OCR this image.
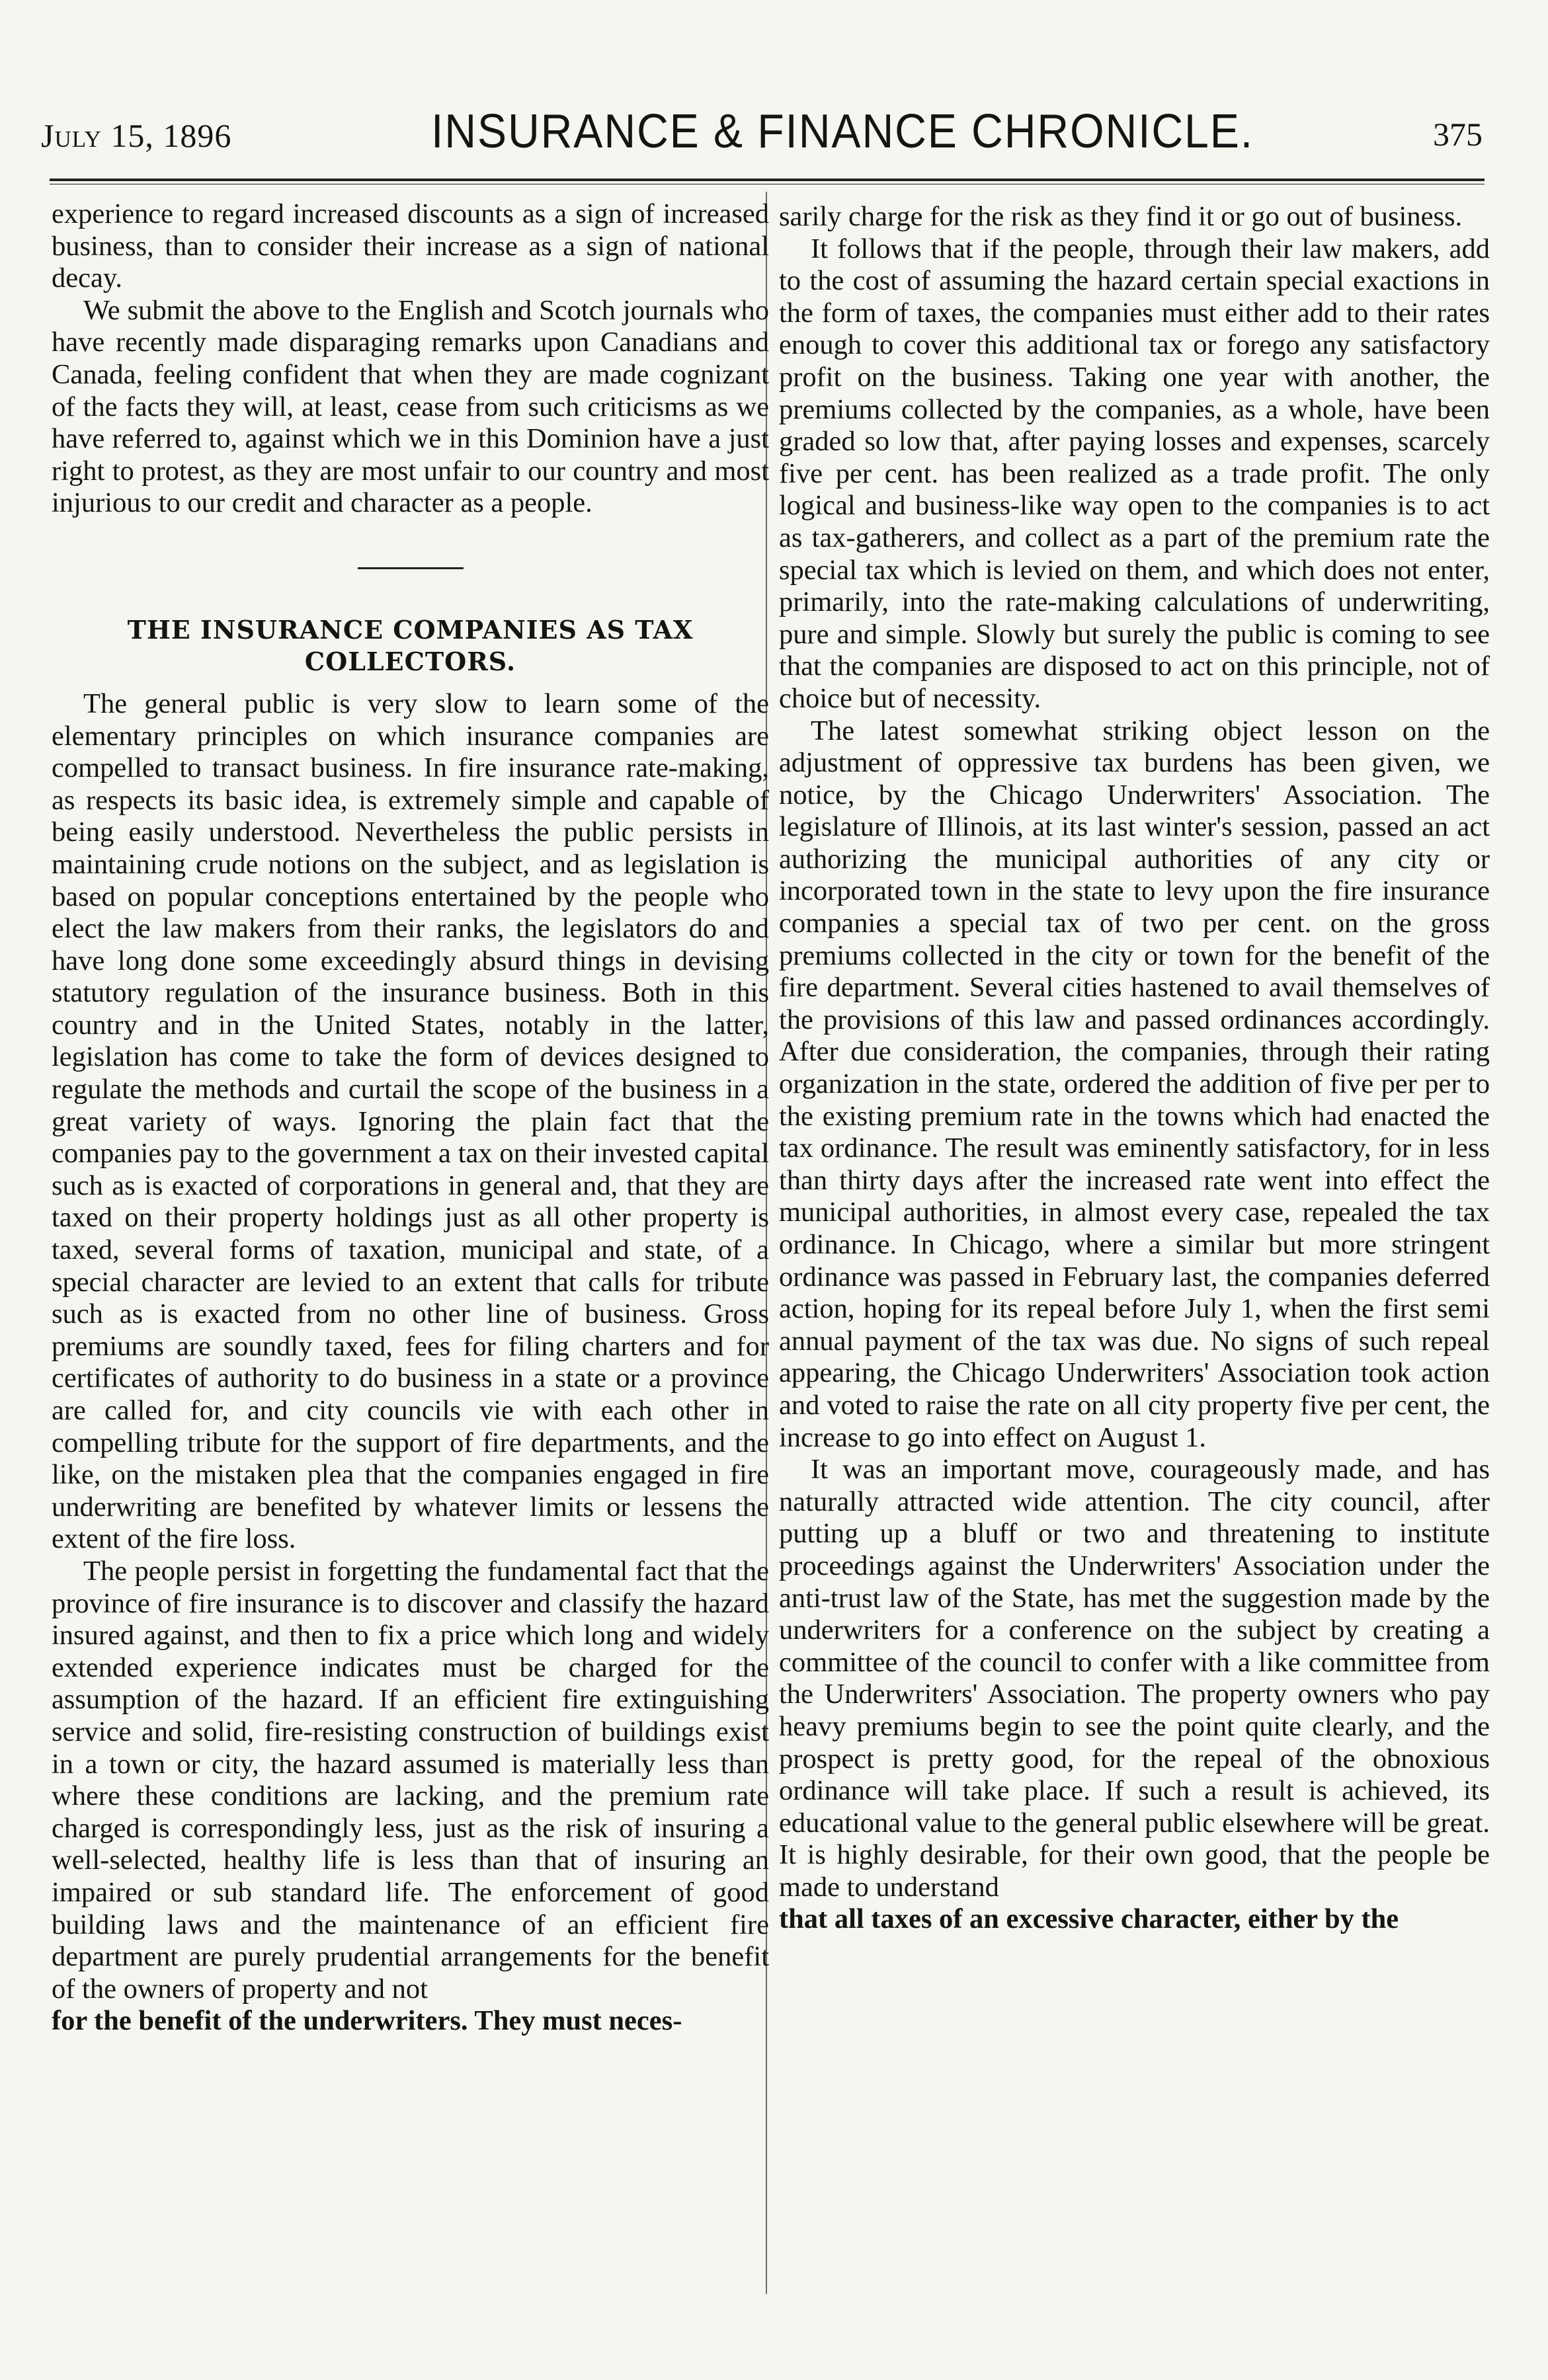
July 15, 1896	INSURANCE & FINANCE CHRONICLE.	375

experience to regard increased discounts as a sign of increased business, than to consider their increase as a sign of national decay.

We submit the above to the English and Scotch journals who have recently made disparaging remarks upon Canadians and Canada, feeling confident that when they are made cognizant of the facts they will, at least, cease from such criticisms as we have referred to, against which we in this Dominion have a just right to protest, as they are most unfair to our country and most injurious to our credit and character as a people.

THE INSURANCE COMPANIES AS TAX COLLECTORS.

The general public is very slow to learn some of the elementary principles on which insurance companies are compelled to transact business. In fire insurance rate-making, as respects its basic idea, is extremely simple and capable of being easily understood. Nevertheless the public persists in maintaining crude notions on the subject, and as legislation is based on popular conceptions entertained by the people who elect the law makers from their ranks, the legislators do and have long done some exceedingly absurd things in devising statutory regulation of the insurance business. Both in this country and in the United States, notably in the latter, legislation has come to take the form of devices designed to regulate the methods and curtail the scope of the business in a great variety of ways. Ignoring the plain fact that the companies pay to the government a tax on their invested capital such as is exacted of corporations in general and, that they are taxed on their property holdings just as all other property is taxed, several forms of taxation, municipal and state, of a special character are levied to an extent that calls for tribute such as is exacted from no other line of business. Gross premiums are soundly taxed, fees for filing charters and for certificates of authority to do business in a state or a province are called for, and city councils vie with each other in compelling tribute for the support of fire departments, and the like, on the mistaken plea that the companies engaged in fire underwriting are benefited by whatever limits or lessens the extent of the fire loss.

The people persist in forgetting the fundamental fact that the province of fire insurance is to discover and classify the hazard insured against, and then to fix a price which long and widely extended experience indicates must be charged for the assumption of the hazard. If an efficient fire extinguishing service and solid, fire-resisting construction of buildings exist in a town or city, the hazard assumed is materially less than where these conditions are lacking, and the premium rate charged is correspondingly less, just as the risk of insuring a well-selected, healthy life is less than that of insuring an impaired or sub standard life. The enforcement of good building laws and the maintenance of an efficient fire department are purely prudential arrangements for the benefit of the owners of property and not

for the benefit of the underwriters. They must neces-

sarily charge for the risk as they find it or go out of business.

It follows that if the people, through their law makers, add to the cost of assuming the hazard certain special exactions in the form of taxes, the companies must either add to their rates enough to cover this additional tax or forego any satisfactory profit on the business. Taking one year with another, the premiums collected by the companies, as a whole, have been graded so low that, after paying losses and expenses, scarcely five per cent. has been realized as a trade profit. The only logical and business-like way open to the companies is to act as tax-gatherers, and collect as a part of the premium rate the special tax which is levied on them, and which does not enter, primarily, into the rate-making calculations of underwriting, pure and simple. Slowly but surely the public is coming to see that the companies are disposed to act on this principle, not of choice but of necessity.

The latest somewhat striking object lesson on the adjustment of oppressive tax burdens has been given, we notice, by the Chicago Underwriters' Association. The legislature of Illinois, at its last winter's session, passed an act authorizing the municipal authorities of any city or incorporated town in the state to levy upon the fire insurance companies a special tax of two per cent. on the gross premiums collected in the city or town for the benefit of the fire department. Several cities hastened to avail themselves of the provisions of this law and passed ordinances accordingly. After due consideration, the companies, through their rating organization in the state, ordered the addition of five per per to the existing premium rate in the towns which had enacted the tax ordinance. The result was eminently satisfactory, for in less than thirty days after the increased rate went into effect the municipal authorities, in almost every case, repealed the tax ordinance. In Chicago, where a similar but more stringent ordinance was passed in February last, the companies deferred action, hoping for its repeal before July 1, when the first semi annual payment of the tax was due. No signs of such repeal appearing, the Chicago Underwriters' Association took action and voted to raise the rate on all city property five per cent, the increase to go into effect on August 1.

It was an important move, courageously made, and has naturally attracted wide attention. The city council, after putting up a bluff or two and threatening to institute proceedings against the Underwriters' Association under the anti-trust law of the State, has met the suggestion made by the underwriters for a conference on the subject by creating a committee of the council to confer with a like committee from the Underwriters' Association. The property owners who pay heavy premiums begin to see the point quite clearly, and the prospect is pretty good, for the repeal of the obnoxious ordinance will take place. If such a result is achieved, its educational value to the general public elsewhere will be great. It is highly desirable, for their own good, that the people be made to understand

that all taxes of an excessive character, either by the
